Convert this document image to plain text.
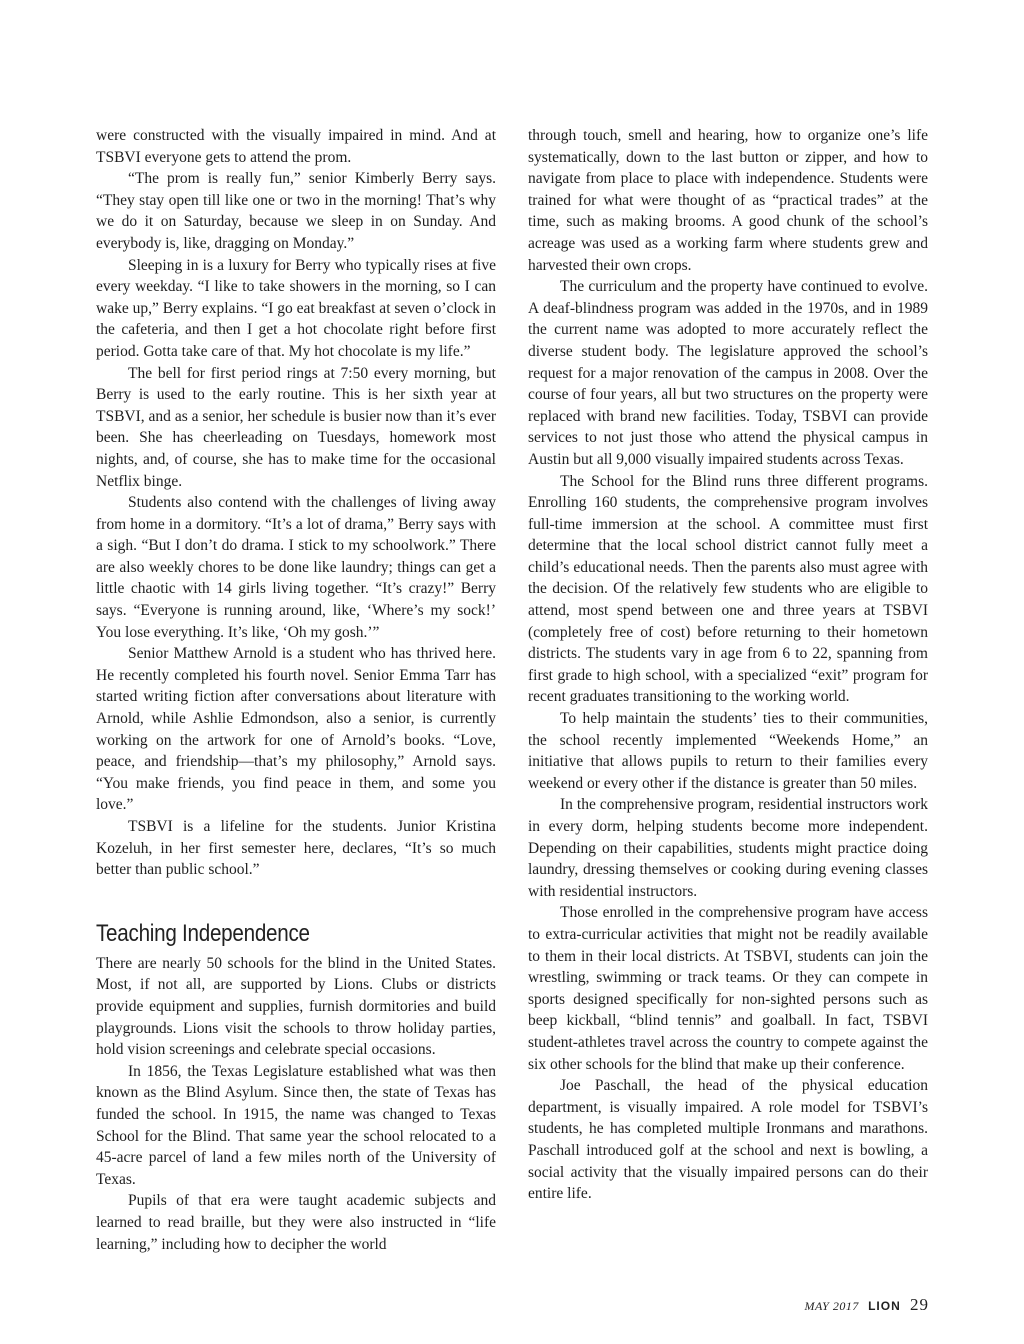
were constructed with the visually impaired in mind. And at TSBVI everyone gets to attend the prom.

“The prom is really fun,” senior Kimberly Berry says. “They stay open till like one or two in the morning! That’s why we do it on Saturday, because we sleep in on Sunday. And everybody is, like, dragging on Monday.”

Sleeping in is a luxury for Berry who typically rises at five every weekday. “I like to take showers in the morning, so I can wake up,” Berry explains. “I go eat breakfast at seven o’clock in the cafeteria, and then I get a hot chocolate right before first period. Gotta take care of that. My hot chocolate is my life.”

The bell for first period rings at 7:50 every morning, but Berry is used to the early routine. This is her sixth year at TSBVI, and as a senior, her schedule is busier now than it’s ever been. She has cheerleading on Tuesdays, homework most nights, and, of course, she has to make time for the occasional Netflix binge.

Students also contend with the challenges of living away from home in a dormitory. “It’s a lot of drama,” Berry says with a sigh. “But I don’t do drama. I stick to my schoolwork.” There are also weekly chores to be done like laundry; things can get a little chaotic with 14 girls living together. “It’s crazy!” Berry says. “Everyone is running around, like, ‘Where’s my sock!’ You lose everything. It’s like, ‘Oh my gosh.’”

Senior Matthew Arnold is a student who has thrived here. He recently completed his fourth novel. Senior Emma Tarr has started writing fiction after conversations about literature with Arnold, while Ashlie Edmondson, also a senior, is currently working on the artwork for one of Arnold’s books. “Love, peace, and friendship—that’s my philosophy,” Arnold says. “You make friends, you find peace in them, and some you love.”

TSBVI is a lifeline for the students. Junior Kristina Kozeluh, in her first semester here, declares, “It’s so much better than public school.”

Teaching Independence

There are nearly 50 schools for the blind in the United States. Most, if not all, are supported by Lions. Clubs or districts provide equipment and supplies, furnish dormitories and build playgrounds. Lions visit the schools to throw holiday parties, hold vision screenings and celebrate special occasions.

In 1856, the Texas Legislature established what was then known as the Blind Asylum. Since then, the state of Texas has funded the school. In 1915, the name was changed to Texas School for the Blind. That same year the school relocated to a 45-acre parcel of land a few miles north of the University of Texas.

Pupils of that era were taught academic subjects and learned to read braille, but they were also instructed in “life learning,” including how to decipher the world

through touch, smell and hearing, how to organize one’s life systematically, down to the last button or zipper, and how to navigate from place to place with independence. Students were trained for what were thought of as “practical trades” at the time, such as making brooms. A good chunk of the school’s acreage was used as a working farm where students grew and harvested their own crops.

The curriculum and the property have continued to evolve. A deaf-blindness program was added in the 1970s, and in 1989 the current name was adopted to more accurately reflect the diverse student body. The legislature approved the school’s request for a major renovation of the campus in 2008. Over the course of four years, all but two structures on the property were replaced with brand new facilities. Today, TSBVI can provide services to not just those who attend the physical campus in Austin but all 9,000 visually impaired students across Texas.

The School for the Blind runs three different programs. Enrolling 160 students, the comprehensive program involves full-time immersion at the school. A committee must first determine that the local school district cannot fully meet a child’s educational needs. Then the parents also must agree with the decision. Of the relatively few students who are eligible to attend, most spend between one and three years at TSBVI (completely free of cost) before returning to their hometown districts. The students vary in age from 6 to 22, spanning from first grade to high school, with a specialized “exit” program for recent graduates transitioning to the working world.

To help maintain the students’ ties to their communities, the school recently implemented “Weekends Home,” an initiative that allows pupils to return to their families every weekend or every other if the distance is greater than 50 miles.

In the comprehensive program, residential instructors work in every dorm, helping students become more independent. Depending on their capabilities, students might practice doing laundry, dressing themselves or cooking during evening classes with residential instructors.

Those enrolled in the comprehensive program have access to extra-curricular activities that might not be readily available to them in their local districts. At TSBVI, students can join the wrestling, swimming or track teams. Or they can compete in sports designed specifically for non-sighted persons such as beep kickball, “blind tennis” and goalball. In fact, TSBVI student-athletes travel across the country to compete against the six other schools for the blind that make up their conference.

Joe Paschall, the head of the physical education department, is visually impaired. A role model for TSBVI’s students, he has completed multiple Ironmans and marathons. Paschall introduced golf at the school and next is bowling, a social activity that the visually impaired persons can do their entire life.

MAY 2017 LION 29
